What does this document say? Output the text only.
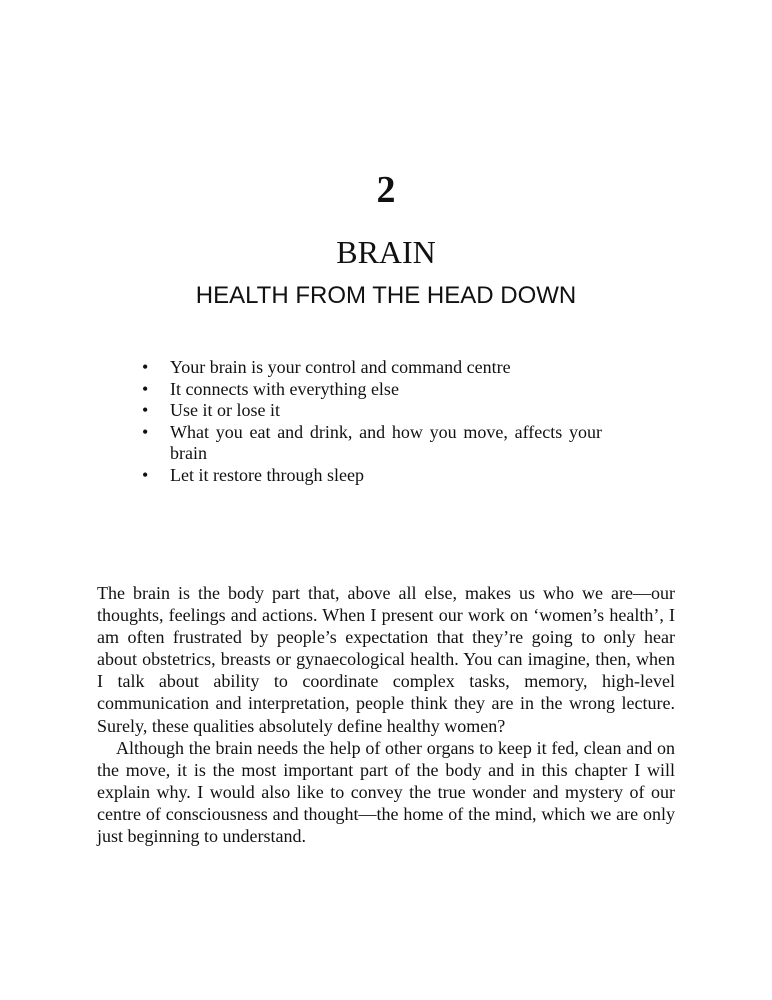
2
BRAIN
HEALTH FROM THE HEAD DOWN
• Your brain is your control and command centre
• It connects with everything else
• Use it or lose it
• What you eat and drink, and how you move, affects your brain
• Let it restore through sleep

The brain is the body part that, above all else, makes us who we are—our thoughts, feelings and actions. When I present our work on ‘women’s health’, I am often frustrated by people’s expectation that they’re going to only hear about obstetrics, breasts or gynaecological health. You can imagine, then, when I talk about ability to coordinate complex tasks, memory, high-level communication and interpretation, people think they are in the wrong lecture. Surely, these qualities absolutely define healthy women?

Although the brain needs the help of other organs to keep it fed, clean and on the move, it is the most important part of the body and in this chapter I will explain why. I would also like to convey the true wonder and mystery of our centre of consciousness and thought—the home of the mind, which we are only just beginning to understand.
